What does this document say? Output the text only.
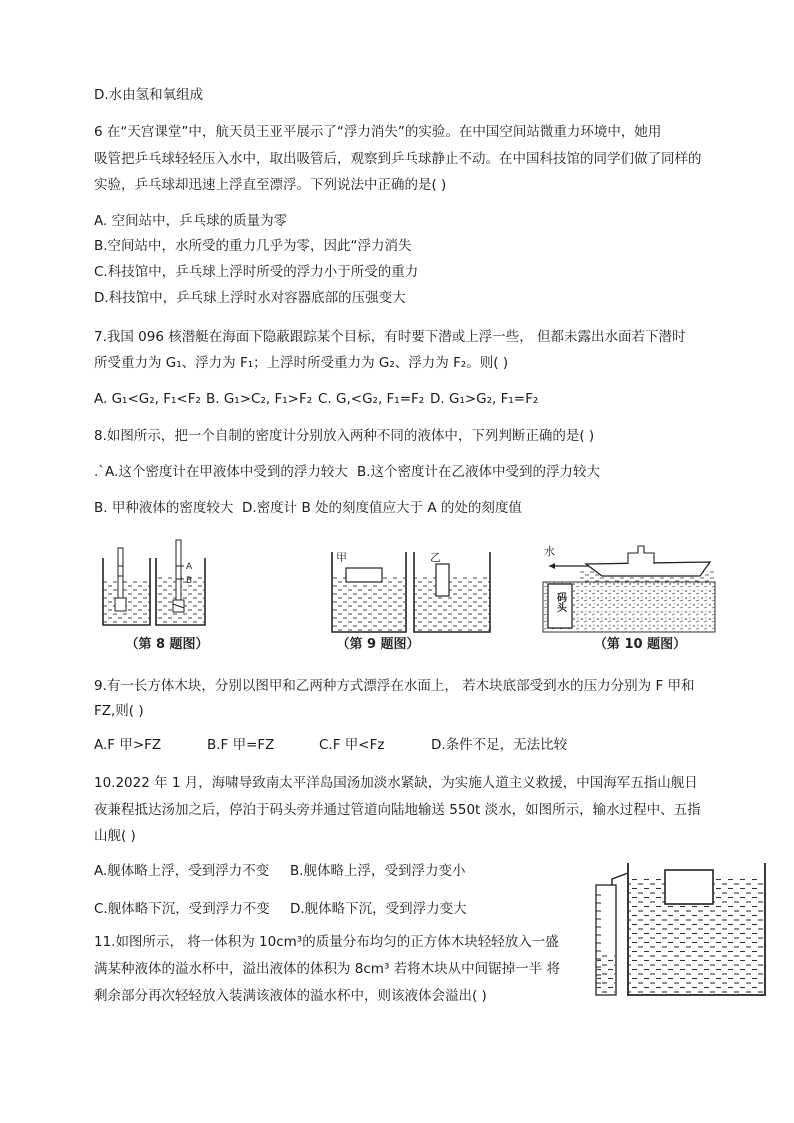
D.水由氢和氧组成
6 在“天宫课堂”中，航天员王亚平展示了“浮力消失”的实验。在中国空间站微重力环境中，她用
吸管把乒乓球轻轻压入水中，取出吸管后，观察到乒乓球静止不动。在中国科技馆的同学们做了同样的
实验，乒乓球却迅速上浮直至漂浮。下列说法中正确的是( )
A. 空间站中，乒乓球的质量为零
B.空间站中，水所受的重力几乎为零，因此“浮力消失
C.科技馆中，乒乓球上浮时所受的浮力小于所受的重力
D.科技馆中，乒乓球上浮时水对容器底部的压强变大
7.我国 096 核潜艇在海面下隐蔽跟踪某个目标，有时要下潜或上浮一些， 但都未露出水面若下潜时
所受重力为 G₁、浮力为 F₁；上浮时所受重力为 G₂、浮力为 F₂。则( )
A. G₁<G₂, F₁<F₂ B. G₁>C₂, F₁>F₂ C. G,<G₂, F₁=F₂ D. G₁>G₂, F₁=F₂
8.如图所示，把一个自制的密度计分别放入两种不同的液体中，下列判断正确的是( )
.`A.这个密度计在甲液体中受到的浮力较大 B.这个密度计在乙液体中受到的浮力较大
B. 甲种液体的密度较大 D.密度计 B 处的刻度值应大于 A 的处的刻度值
A
B
甲	乙	水
码头
（第 8 题图）	（第 9 题图）	（第 10 题图）
9.有一长方体木块，分别以图甲和乙两种方式漂浮在水面上， 若木块底部受到水的压力分别为 F 甲和
FZ,则( )
A.F 甲>FZ	B.F 甲=FZ	C.F 甲<Fz	D.条件不足，无法比较
10.2022 年 1 月，海啸导致南太平洋岛国汤加淡水紧缺，为实施人道主义救援，中国海军五指山舰日
夜兼程抵达汤加之后，停泊于码头旁并通过管道向陆地输送 550t 淡水，如图所示，输水过程中、五指
山舰( )
A.舰体略上浮，受到浮力不变 B.舰体略上浮，受到浮力变小
C.舰体略下沉，受到浮力不变 D.舰体略下沉，受到浮力变大
11.如图所示， 将一体积为 10cm³的质量分布均匀的正方体木块轻轻放入一盛
满某种液体的溢水杯中，溢出液体的体积为 8cm³ 若将木块从中间锯掉一半 将
剩余部分再次轻轻放入装满该液体的溢水杯中，则该液体会溢出( )
